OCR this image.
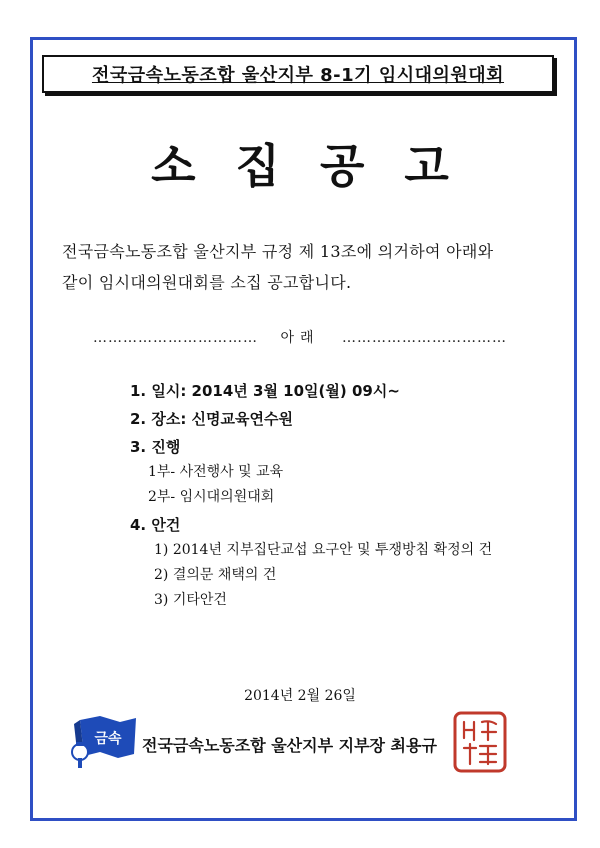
전국금속노동조합 울산지부 8-1기 임시대의원대회
소집공고
전국금속노동조합 울산지부 규정 제 13조에 의거하여 아래와
같이 임시대의원대회를 소집 공고합니다.
…………………………… 아래 ……………………………
1. 일시: 2014년 3월 10일(월) 09시~
2. 장소: 신명교육연수원
3. 진행
1부- 사전행사 및 교육
2부- 임시대의원대회
4. 안건
1) 2014년 지부집단교섭 요구안 및 투쟁방침 확정의 건
2) 결의문 채택의 건
3) 기타안건
2014년 2월 26일
금속 전국금속노동조합 울산지부 지부장 최용규
